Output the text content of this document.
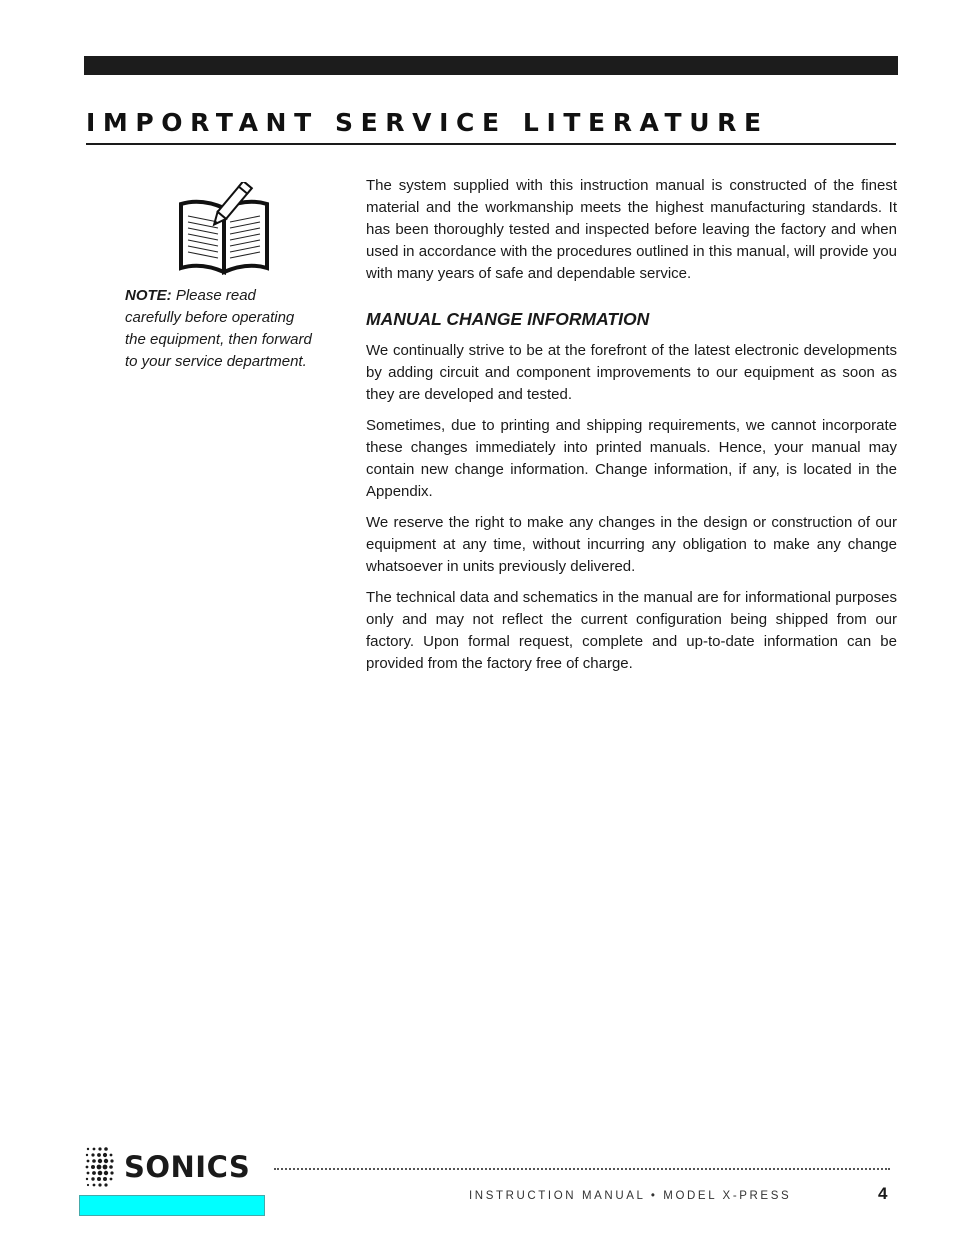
IMPORTANT SERVICE LITERATURE

NOTE: Please read carefully before operating the equipment, then forward to your service department.

The system supplied with this instruction manual is constructed of the finest material and the workmanship meets the highest manufacturing standards. It has been thoroughly tested and inspected before leaving the factory and when used in accordance with the procedures outlined in this manual, will provide you with many years of safe and dependable service.

MANUAL CHANGE INFORMATION

We continually strive to be at the forefront of the latest electronic developments by adding circuit and component improvements to our equipment as soon as they are developed and tested.

Sometimes, due to printing and shipping requirements, we cannot incorporate these changes immediately into printed manuals. Hence, your manual may contain new change information. Change information, if any, is located in the Appendix.

We reserve the right to make any changes in the design or construction of our equipment at any time, without incurring any obligation to make any change whatsoever in units previously delivered.

The technical data and schematics in the manual are for informational purposes only and may not reflect the current configuration being shipped from our factory. Upon formal request, complete and up-to-date information can be provided from the factory free of charge.

SONICS

INSTRUCTION MANUAL • MODEL X-PRESS	4
